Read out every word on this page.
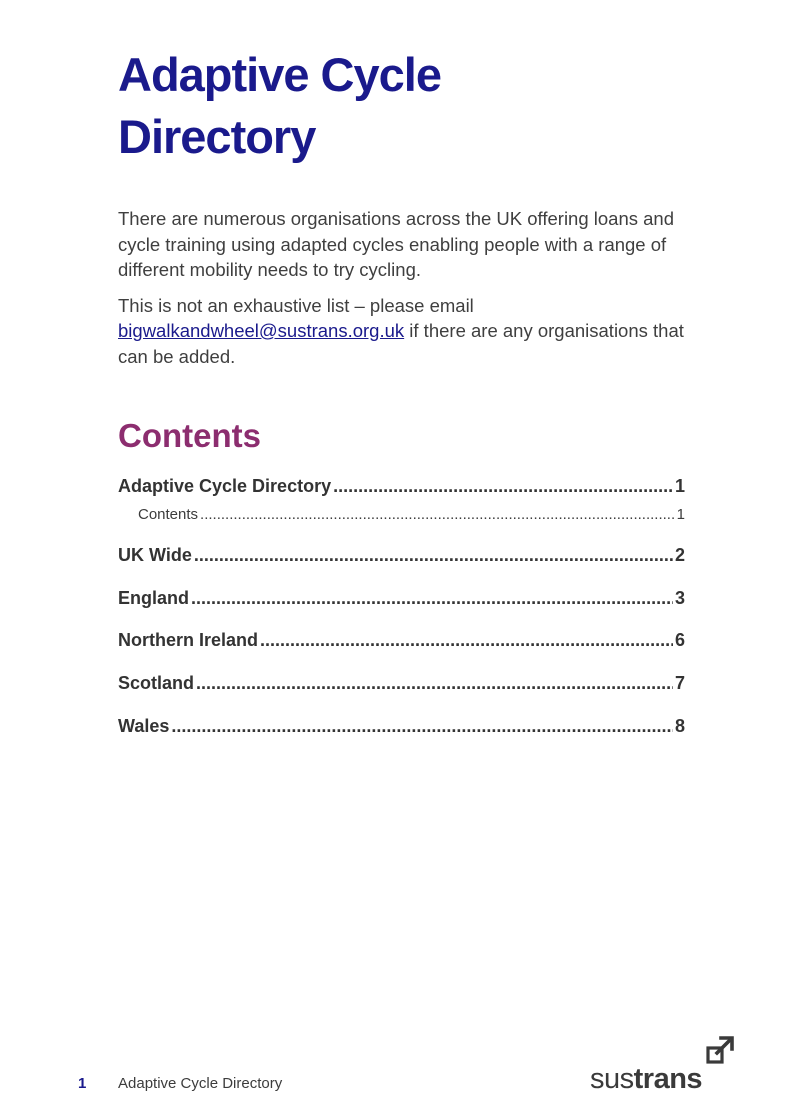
Adaptive Cycle
Directory

There are numerous organisations across the UK offering loans and cycle training using adapted cycles enabling people with a range of different mobility needs to try cycling.

This is not an exhaustive list – please email bigwalkandwheel@sustrans.org.uk if there are any organisations that can be added.

Contents
Adaptive Cycle Directory .....	1
Contents .....	1
UK Wide .....	2
England .....	3
Northern Ireland .....	6
Scotland .....	7
Wales .....	8
1 Adaptive Cycle Directory	sustrans
